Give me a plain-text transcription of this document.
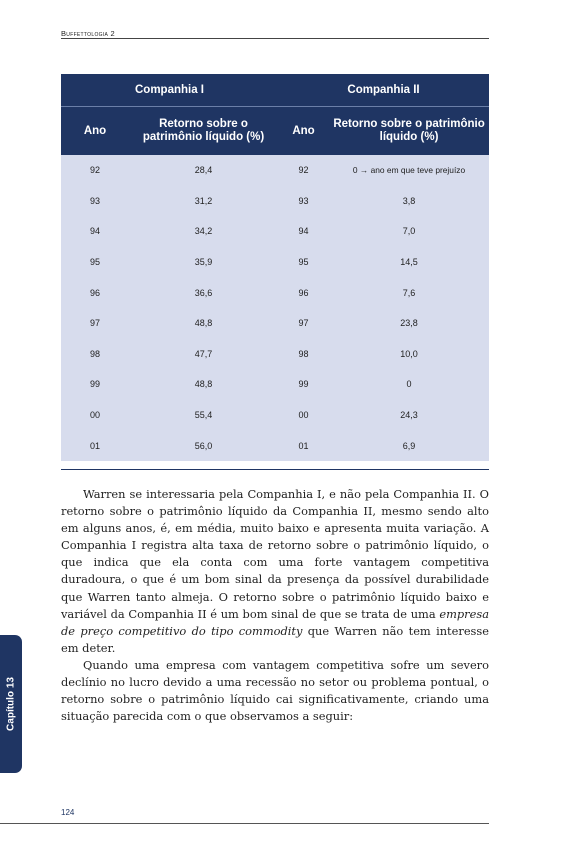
Buffettologia 2
Companhia I		Companhia II	
Ano	Retorno sobre o patrimônio líquido (%)	Ano	Retorno sobre o patrimônio líquido (%)
92	28,4	92	0 → ano em que teve prejuízo
93	31,2	93	3,8
94	34,2	94	7,0
95	35,9	95	14,5
96	36,6	96	7,6
97	48,8	97	23,8
98	47,7	98	10,0
99	48,8	99	0
00	55,4	00	24,3
01	56,0	01	6,9

Warren se interessaria pela Companhia I, e não pela Companhia II. O retorno sobre o patrimônio líquido da Companhia II, mesmo sendo alto em alguns anos, é, em média, muito baixo e apresenta muita variação. A Companhia I registra alta taxa de retorno sobre o patrimônio líquido, o que indica que ela conta com uma forte vantagem competitiva duradoura, o que é um bom sinal da presença da possível durabilidade que Warren tanto almeja. O retorno sobre o patrimônio líquido baixo e variável da Companhia II é um bom sinal de que se trata de uma empresa de preço competitivo do tipo commodity que Warren não tem interesse em deter.

Quando uma empresa com vantagem competitiva sofre um severo declínio no lucro devido a uma recessão no setor ou problema pontual, o retorno sobre o patrimônio líquido cai significativamente, criando uma situação parecida com o que observamos a seguir:

Capítulo 13
124
